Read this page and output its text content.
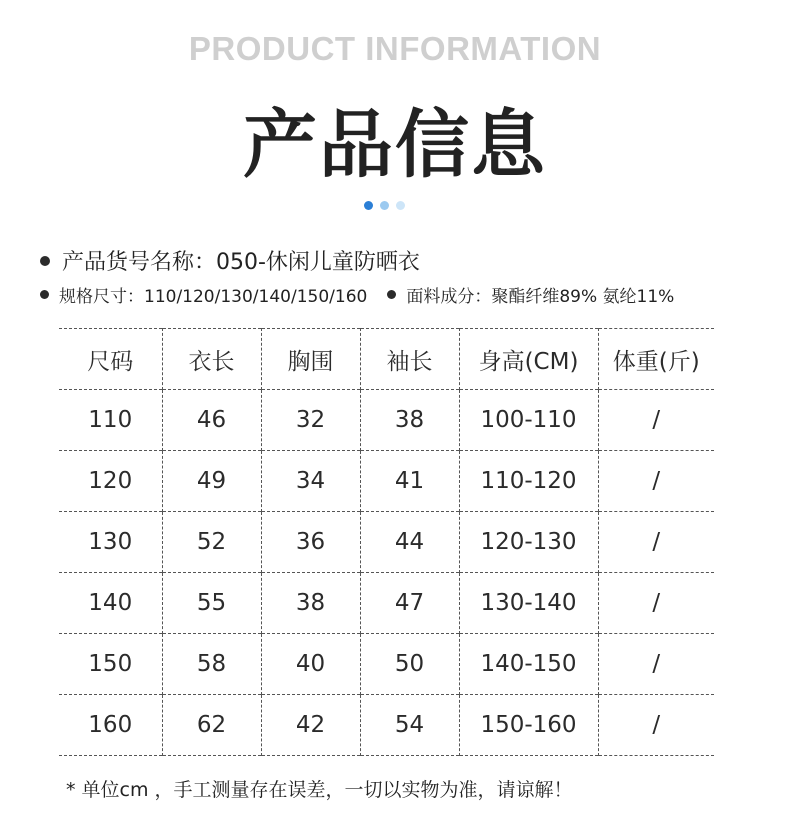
PRODUCT INFORMATION
产品信息
产品货号名称：050-休闲儿童防晒衣
规格尺寸：110/120/130/140/150/160 面料成分：聚酯纤维89% 氨纶11%
尺码	衣长	胸围	袖长	身高(CM)	体重(斤)
110	46	32	38	100-110	/
120	49	34	41	110-120	/
130	52	36	44	120-130	/
140	55	38	47	130-140	/
150	58	40	50	140-150	/
160	62	42	54	150-160	/
* 单位cm ，手工测量存在误差，一切以实物为准，请谅解！
